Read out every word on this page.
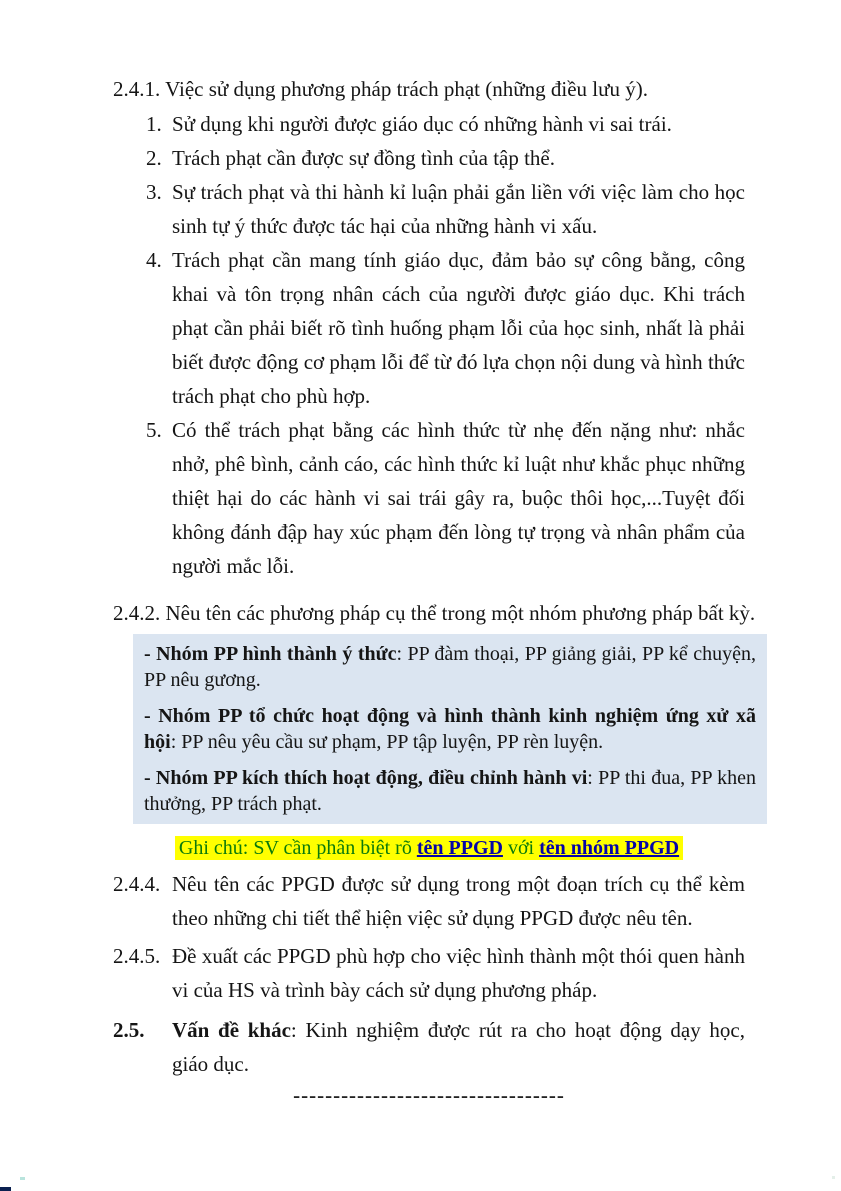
2.4.1. Việc sử dụng phương pháp trách phạt (những điều lưu ý).
1. Sử dụng khi người được giáo dục có những hành vi sai trái.
2. Trách phạt cần được sự đồng tình của tập thể.
3. Sự trách phạt và thi hành kỉ luận phải gắn liền với việc làm cho học sinh tự ý thức được tác hại của những hành vi xấu.
4. Trách phạt cần mang tính giáo dục, đảm bảo sự công bằng, công khai và tôn trọng nhân cách của người được giáo dục. Khi trách phạt cần phải biết rõ tình huống phạm lỗi của học sinh, nhất là phải biết được động cơ phạm lỗi để từ đó lựa chọn nội dung và hình thức trách phạt cho phù hợp.
5. Có thể trách phạt bằng các hình thức từ nhẹ đến nặng như: nhắc nhở, phê bình, cảnh cáo, các hình thức kỉ luật như khắc phục những thiệt hại do các hành vi sai trái gây ra, buộc thôi học,...Tuyệt đối không đánh đập hay xúc phạm đến lòng tự trọng và nhân phẩm của người mắc lỗi.
2.4.2. Nêu tên các phương pháp cụ thể trong một nhóm phương pháp bất kỳ.

- Nhóm PP hình thành ý thức: PP đàm thoại, PP giảng giải, PP kể chuyện, PP nêu gương.

- Nhóm PP tổ chức hoạt động và hình thành kinh nghiệm ứng xử xã hội: PP nêu yêu cầu sư phạm, PP tập luyện, PP rèn luyện.

- Nhóm PP kích thích hoạt động, điều chỉnh hành vi: PP thi đua, PP khen thưởng, PP trách phạt.

Ghi chú: SV cần phân biệt rõ tên PPGD với tên nhóm PPGD

2.4.4. Nêu tên các PPGD được sử dụng trong một đoạn trích cụ thể kèm theo những chi tiết thể hiện việc sử dụng PPGD được nêu tên.

2.4.5. Đề xuất các PPGD phù hợp cho việc hình thành một thói quen hành vi của HS và trình bày cách sử dụng phương pháp.

2.5. Vấn đề khác: Kinh nghiệm được rút ra cho hoạt động dạy học, giáo dục.

----------------------------------
